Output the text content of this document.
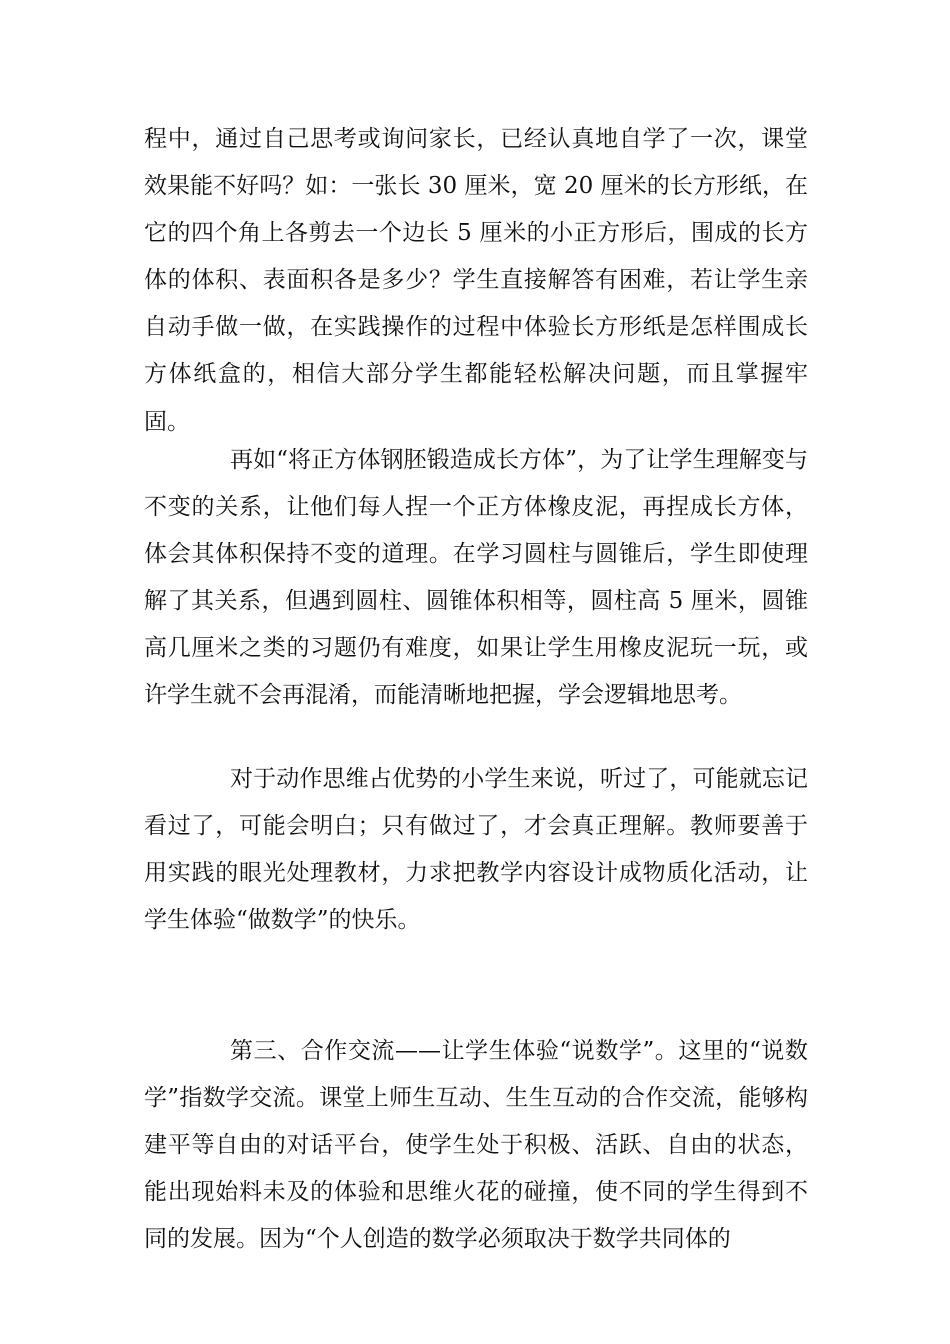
程中，通过自己思考或询问家长，已经认真地自学了一次，课堂效果能不好吗？如：一张长 30 厘米，宽 20 厘米的长方形纸，在它的四个角上各剪去一个边长 5 厘米的小正方形后，围成的长方体的体积、表面积各是多少？学生直接解答有困难，若让学生亲自动手做一做，在实践操作的过程中体验长方形纸是怎样围成长方体纸盒的，相信大部分学生都能轻松解决问题，而且掌握牢固。

再如“将正方体钢胚锻造成长方体”，为了让学生理解变与不变的关系，让他们每人捏一个正方体橡皮泥，再捏成长方体，体会其体积保持不变的道理。在学习圆柱与圆锥后，学生即使理解了其关系，但遇到圆柱、圆锥体积相等，圆柱高 5 厘米，圆锥高几厘米之类的习题仍有难度，如果让学生用橡皮泥玩一玩，或许学生就不会再混淆，而能清晰地把握，学会逻辑地思考。

对于动作思维占优势的小学生来说，听过了，可能就忘记看过了，可能会明白；只有做过了，才会真正理解。教师要善于用实践的眼光处理教材，力求把教学内容设计成物质化活动，让学生体验“做数学”的快乐。

第三、合作交流——让学生体验“说数学”。这里的“说数学”指数学交流。课堂上师生互动、生生互动的合作交流，能够构建平等自由的对话平台，使学生处于积极、活跃、自由的状态，能出现始料未及的体验和思维火花的碰撞，使不同的学生得到不同的发展。因为“个人创造的数学必须取决于数学共同体的
